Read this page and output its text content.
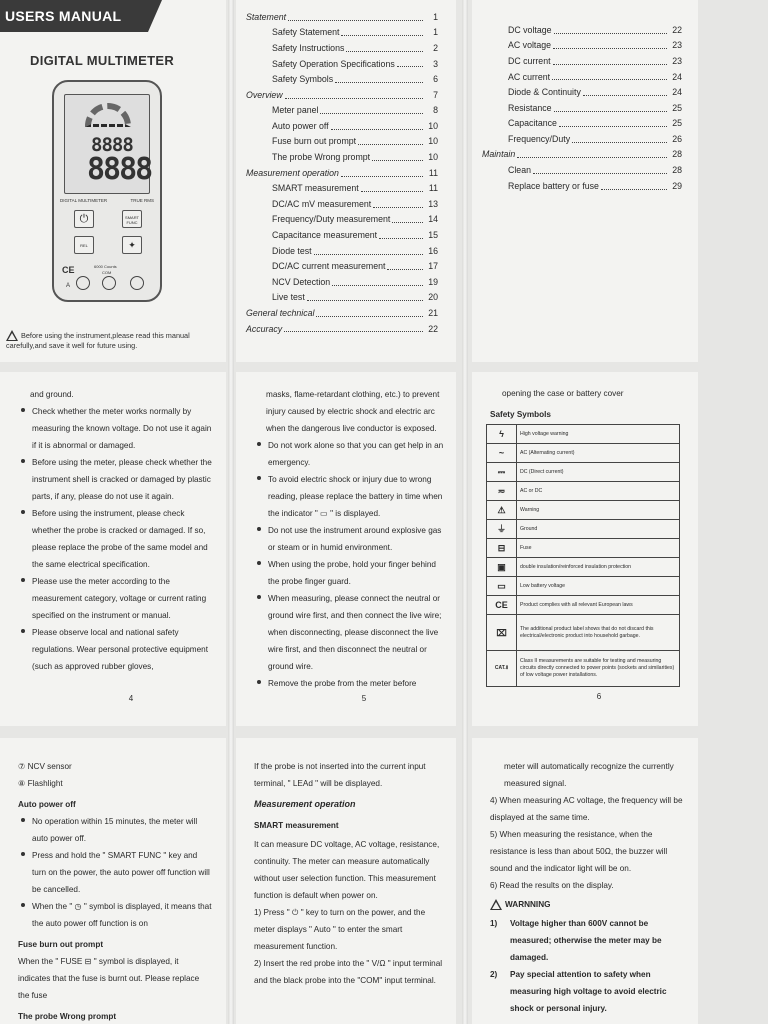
USERS MANUAL
DIGITAL MULTIMETER
8888
8888
DIGITAL MULTIMETER	TRUE RMS
⏻	SMART FUNC
REL	✦
CE	6000 Counts
A
COM
Before using the instrument,please read this manual carefully,and save it well for future using.
Statement	1
Safety Statement	1
Safety Instructions	2
Safety Operation Specifications	3
Safety Symbols	6
Overview	7
Meter panel	8
Auto power off	10
Fuse burn out prompt	10
The probe Wrong prompt	10
Measurement operation	11
SMART measurement	11
DC/AC mV measurement	13
Frequency/Duty measurement	14
Capacitance measurement	15
Diode test	16
DC/AC current measurement	17
NCV Detection	19
Live test	20
General technical	21
Accuracy	22
DC voltage	22
AC voltage	23
DC current	23
AC current	24
Diode & Continuity	24
Resistance	25
Capacitance	25
Frequency/Duty	26
Maintain	28
Clean	28
Replace battery or fuse	29

and ground.

Check whether the meter works normally by measuring the known voltage. Do not use it again if it is abnormal or damaged.

Before using the meter, please check whether the instrument shell is cracked or damaged by plastic parts, if any, please do not use it again.

Before using the instrument, please check whether the probe is cracked or damaged. If so, please replace the probe of the same model and the same electrical specification.

Please use the meter according to the measurement category, voltage or current rating specified on the instrument or manual.

Please observe local and national safety regulations. Wear personal protective equipment (such as approved rubber gloves,

4

masks, flame-retardant clothing, etc.) to prevent injury caused by electric shock and electric arc when the dangerous live conductor is exposed.

Do not work alone so that you can get help in an emergency.

To avoid electric shock or injury due to wrong reading, please replace the battery in time when the indicator " ▭ " is displayed.

Do not use the instrument around explosive gas or steam or in humid environment.

When using the probe, hold your finger behind the probe finger guard.

When measuring, please connect the neutral or ground wire first, and then connect the live wire; when disconnecting, please disconnect the live wire first, and then disconnect the neutral or ground wire.

Remove the probe from the meter before

5

opening the case or battery cover

Safety Symbols

ϟ	High voltage warning
~	AC (Alternating current)
⎓	DC (Direct current)
≂	AC or DC
⚠	Warning
⏚	Ground
⊟	Fuse
▣	double insulation/reinforced insulation protection
▭	Low battery voltage
CE	Product complies with all relevant European laws
⌧	The additional product label shows that do not discard this electrical/electronic product into household garbage.
CAT.Ⅱ	Class II measurements are suitable for testing and measuring circuits directly connected to power points (sockets and similarities) of low voltage power installations.
6

⑦ NCV sensor

⑧ Flashlight

Auto power off

No operation within 15 minutes, the meter will auto power off.

Press and hold the " SMART FUNC " key and turn on the power, the auto power off function will be cancelled.

When the " ◷ " symbol is displayed, it means that the auto power off function is on

Fuse burn out prompt

When the " FUSE ⊟ " symbol is displayed, it indicates that the fuse is burnt out. Please replace the fuse

The probe Wrong prompt

If the probe is not inserted into the current input terminal, " LEAd " will be displayed.

Measurement operation

SMART measurement

It can measure DC voltage, AC voltage, resistance, continuity. The meter can measure automatically without user selection function. This measurement function is default when power on.

1) Press " ⏻ " key to turn on the power, and the meter displays " Auto " to enter the smart measurement function.

2) Insert the red probe into the " V/Ω " input terminal and the black probe into the "COM" input terminal.

meter will automatically recognize the currently measured signal.

4) When measuring AC voltage, the frequency will be displayed at the same time.

5) When measuring the resistance, when the resistance is less than about 50Ω, the buzzer will sound and the indicator light will be on.

6) Read the results on the display.

WARNNING

1)	Voltage higher than 600V cannot be measured; otherwise the meter may be damaged.
2)	Pay special attention to safety when measuring high voltage to avoid electric shock or personal injury.
